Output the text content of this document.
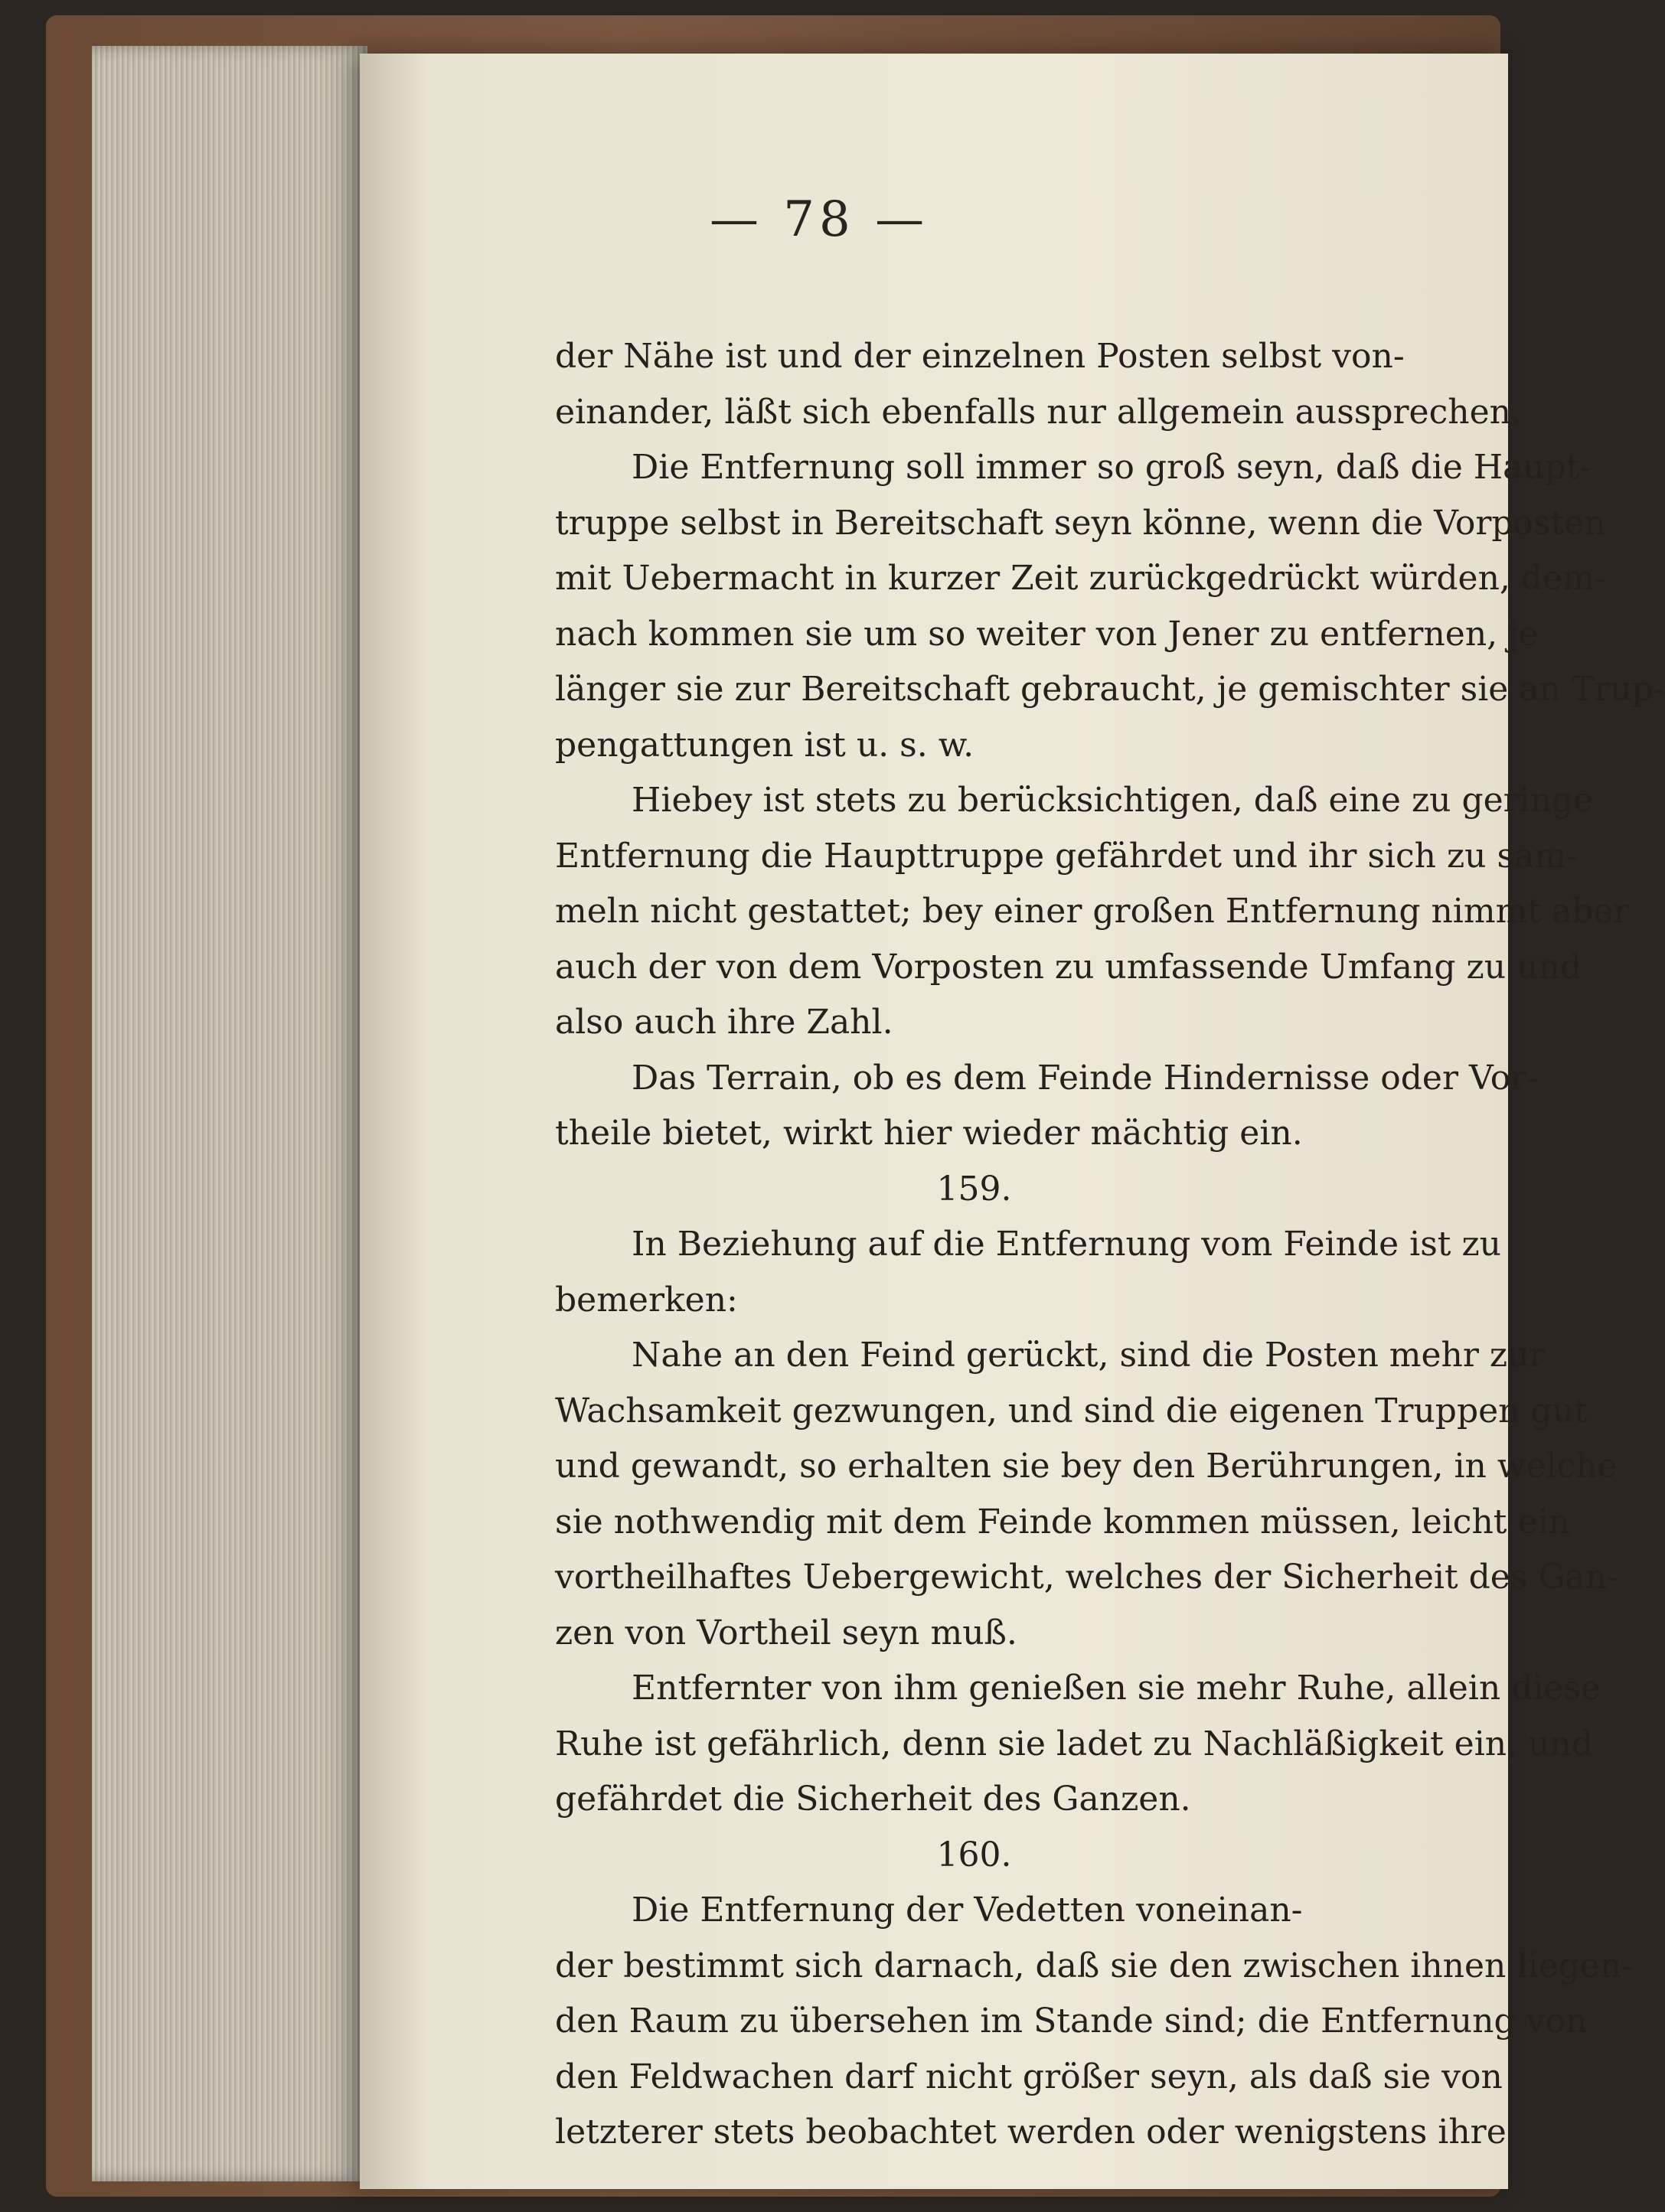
— 78 —
der Nähe ist und der einzelnen Posten selbst von-
einander, läßt sich ebenfalls nur allgemein aussprechen.
Die Entfernung soll immer so groß seyn, daß die Haupt-
truppe selbst in Bereitschaft seyn könne, wenn die Vorposten
mit Uebermacht in kurzer Zeit zurückgedrückt würden, dem-
nach kommen sie um so weiter von Jener zu entfernen, je
länger sie zur Bereitschaft gebraucht, je gemischter sie an Trup-
pengattungen ist u. s. w.
Hiebey ist stets zu berücksichtigen, daß eine zu geringe
Entfernung die Haupttruppe gefährdet und ihr sich zu sam-
meln nicht gestattet; bey einer großen Entfernung nimmt aber
auch der von dem Vorposten zu umfassende Umfang zu und
also auch ihre Zahl.
Das Terrain, ob es dem Feinde Hindernisse oder Vor-
theile bietet, wirkt hier wieder mächtig ein.
159.
In Beziehung auf die Entfernung vom Feinde ist zu
bemerken:
Nahe an den Feind gerückt, sind die Posten mehr zur
Wachsamkeit gezwungen, und sind die eigenen Truppen gut
und gewandt, so erhalten sie bey den Berührungen, in welche
sie nothwendig mit dem Feinde kommen müssen, leicht ein
vortheilhaftes Uebergewicht, welches der Sicherheit des Gan-
zen von Vortheil seyn muß.
Entfernter von ihm genießen sie mehr Ruhe, allein diese
Ruhe ist gefährlich, denn sie ladet zu Nachläßigkeit ein, und
gefährdet die Sicherheit des Ganzen.
160.
Die Entfernung der Vedetten voneinan-
der bestimmt sich darnach, daß sie den zwischen ihnen liegen-
den Raum zu übersehen im Stande sind; die Entfernung von
den Feldwachen darf nicht größer seyn, als daß sie von
letzterer stets beobachtet werden oder wenigstens ihre
